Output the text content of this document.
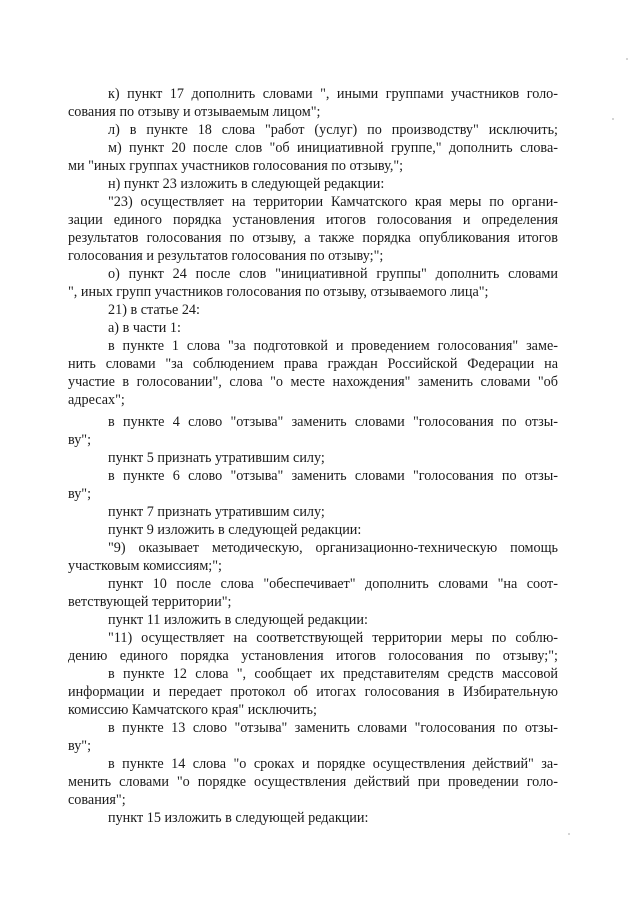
к) пункт 17 дополнить словами ", иными группами участников голо-
сования по отзыву и отзываемым лицом";
л) в пункте 18 слова "работ (услуг) по производству" исключить;
м) пункт 20 после слов "об инициативной группе," дополнить слова-
ми "иных группах участников голосования по отзыву,";
н) пункт 23 изложить в следующей редакции:
"23) осуществляет на территории Камчатского края меры по органи-
зации единого порядка установления итогов голосования и определения
результатов голосования по отзыву, а также порядка опубликования итогов
голосования и результатов голосования по отзыву;";
о) пункт 24 после слов "инициативной группы" дополнить словами
", иных групп участников голосования по отзыву, отзываемого лица";
21) в статье 24:
а) в части 1:
в пункте 1 слова "за подготовкой и проведением голосования" заме-
нить словами "за соблюдением права граждан Российской Федерации на
участие в голосовании", слова "о месте нахождения" заменить словами "об
адресах";
в пункте 4 слово "отзыва" заменить словами "голосования по отзы-
ву";
пункт 5 признать утратившим силу;
в пункте 6 слово "отзыва" заменить словами "голосования по отзы-
ву";
пункт 7 признать утратившим силу;
пункт 9 изложить в следующей редакции:
"9) оказывает методическую, организационно-техническую помощь
участковым комиссиям;";
пункт 10 после слова "обеспечивает" дополнить словами "на соот-
ветствующей территории";
пункт 11 изложить в следующей редакции:
"11) осуществляет на соответствующей территории меры по соблю-
дению единого порядка установления итогов голосования по отзыву;";
в пункте 12 слова ", сообщает их представителям средств массовой
информации и передает протокол об итогах голосования в Избирательную
комиссию Камчатского края" исключить;
в пункте 13 слово "отзыва" заменить словами "голосования по отзы-
ву";
в пункте 14 слова "о сроках и порядке осуществления действий" за-
менить словами "о порядке осуществления действий при проведении голо-
сования";
пункт 15 изложить в следующей редакции:
